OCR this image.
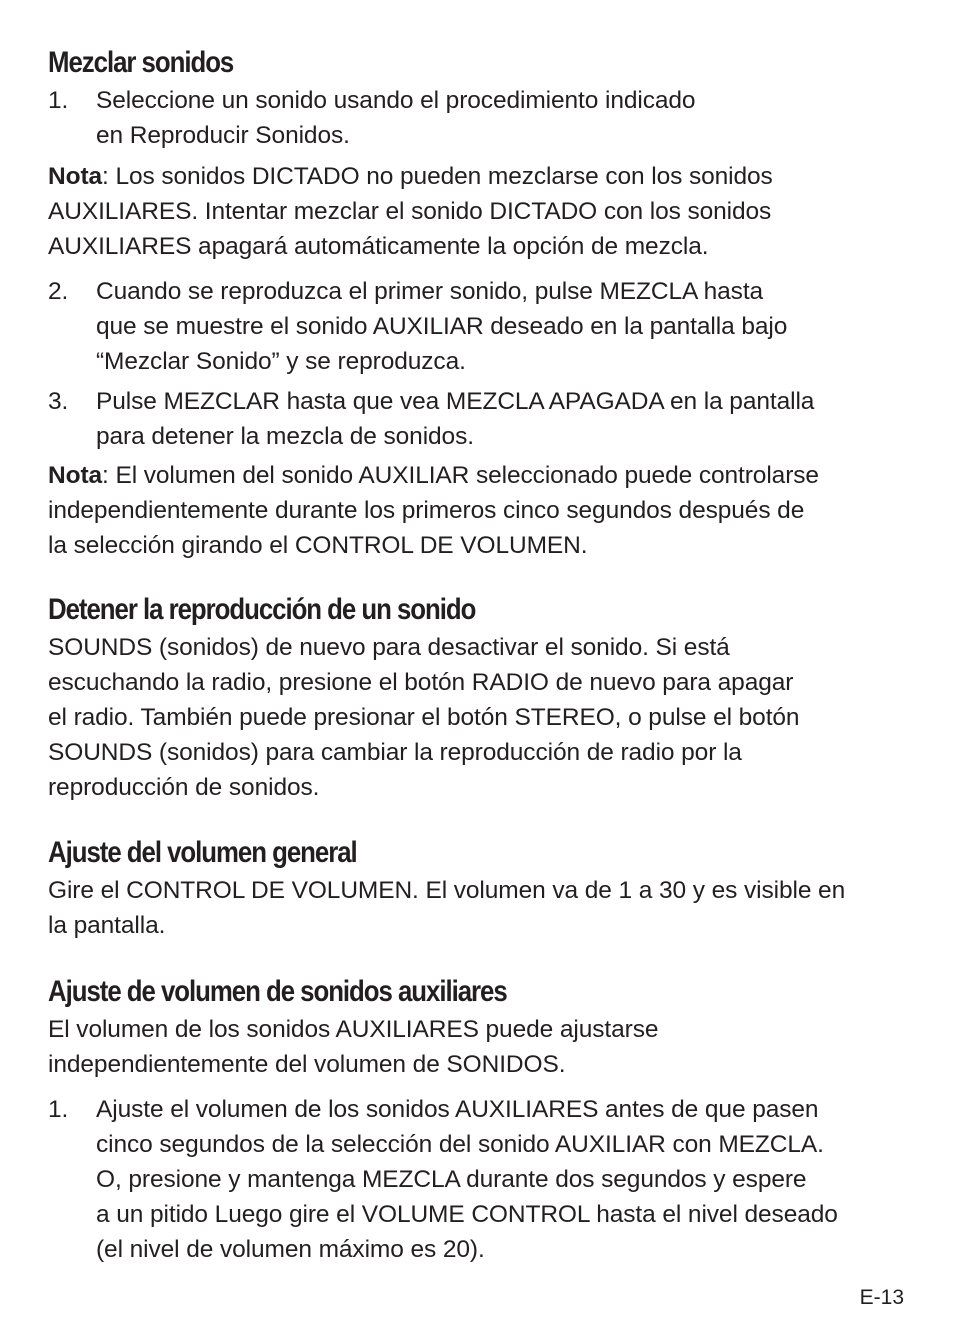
Mezclar sonidos
1. Seleccione un sonido usando el procedimiento indicado
en Reproducir Sonidos.
Nota: Los sonidos DICTADO no pueden mezclarse con los sonidos
AUXILIARES. Intentar mezclar el sonido DICTADO con los sonidos
AUXILIARES apagará automáticamente la opción de mezcla.
2. Cuando se reproduzca el primer sonido, pulse MEZCLA hasta
que se muestre el sonido AUXILIAR deseado en la pantalla bajo
“Mezclar Sonido” y se reproduzca.
3. Pulse MEZCLAR hasta que vea MEZCLA APAGADA en la pantalla
para detener la mezcla de sonidos.
Nota: El volumen del sonido AUXILIAR seleccionado puede controlarse
independientemente durante los primeros cinco segundos después de
la selección girando el CONTROL DE VOLUMEN.
Detener la reproducción de un sonido
SOUNDS (sonidos) de nuevo para desactivar el sonido. Si está
escuchando la radio, presione el botón RADIO de nuevo para apagar
el radio. También puede presionar el botón STEREO, o pulse el botón
SOUNDS (sonidos) para cambiar la reproducción de radio por la
reproducción de sonidos.
Ajuste del volumen general
Gire el CONTROL DE VOLUMEN. El volumen va de 1 a 30 y es visible en
la pantalla.
Ajuste de volumen de sonidos auxiliares
El volumen de los sonidos AUXILIARES puede ajustarse
independientemente del volumen de SONIDOS.
1. Ajuste el volumen de los sonidos AUXILIARES antes de que pasen
cinco segundos de la selección del sonido AUXILIAR con MEZCLA.
O, presione y mantenga MEZCLA durante dos segundos y espere
a un pitido Luego gire el VOLUME CONTROL hasta el nivel deseado
(el nivel de volumen máximo es 20).
E-13
